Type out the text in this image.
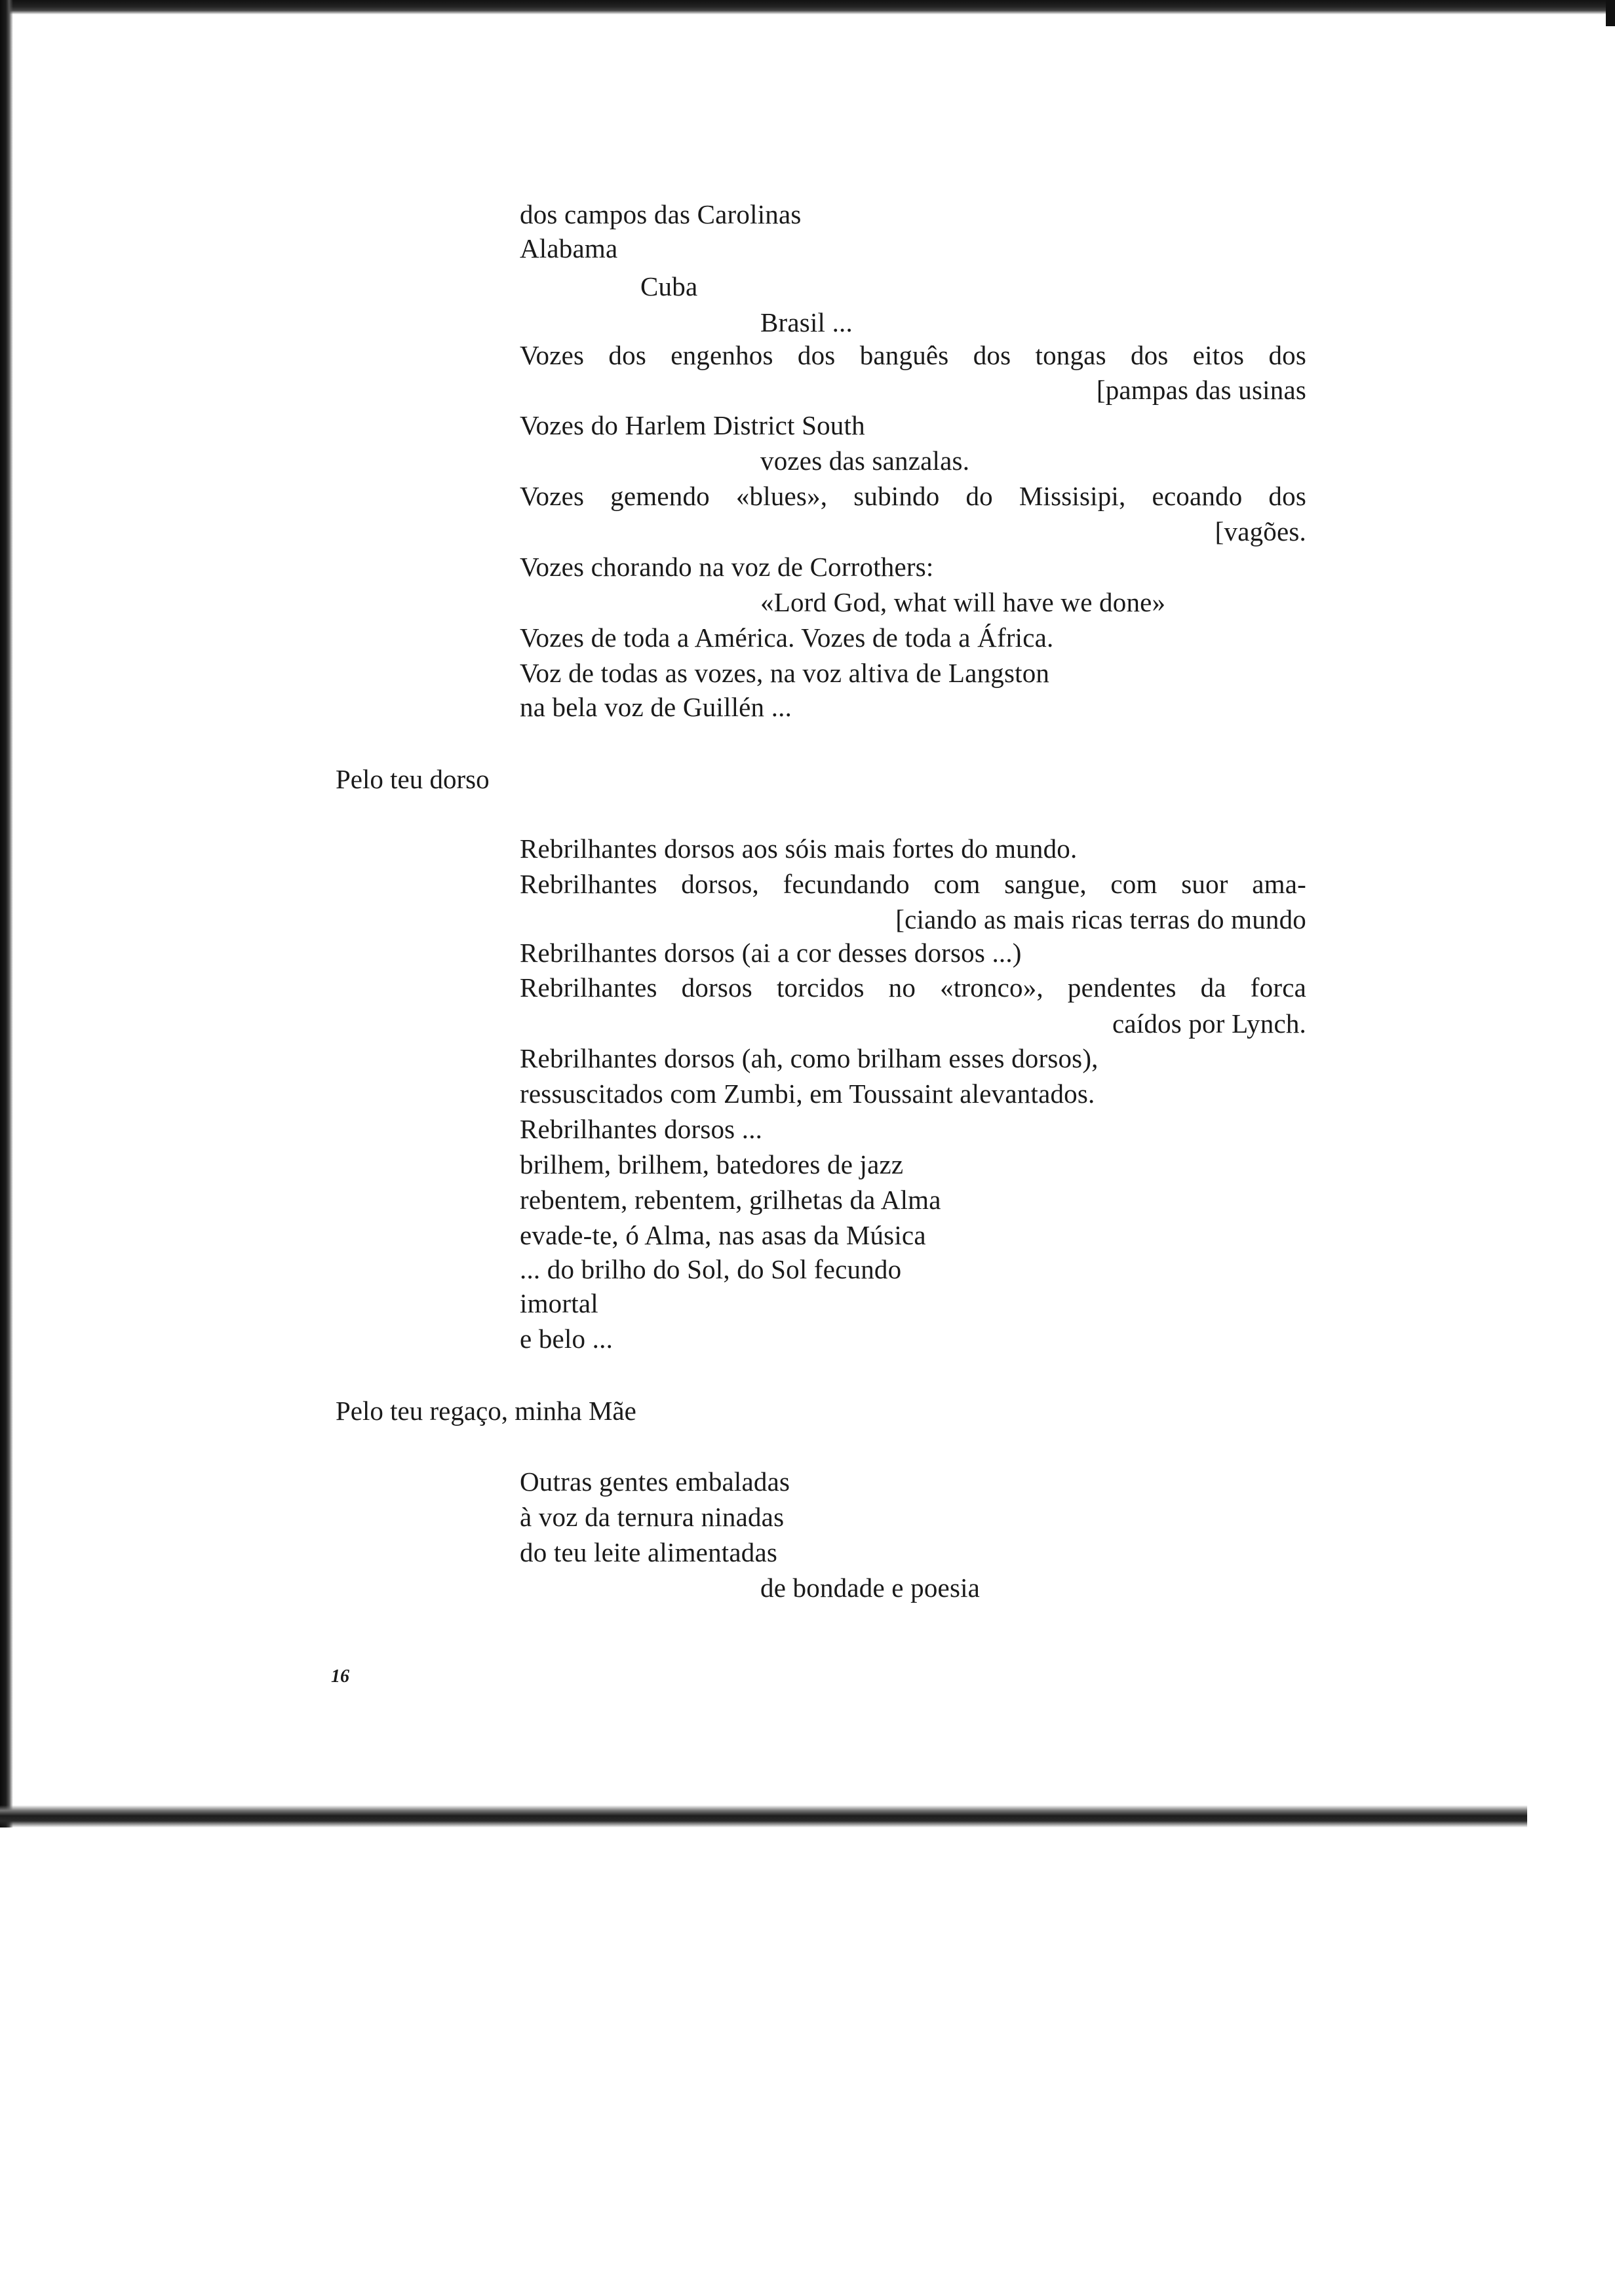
dos campos das Carolinas
Alabama
Cuba
Brasil ...
Vozes dos engenhos dos banguês dos tongas dos eitos dos
[pampas das usinas
Vozes do Harlem District South
vozes das sanzalas.
Vozes gemendo «blues», subindo do Missisipi, ecoando dos
[vagões.
Vozes chorando na voz de Corrothers:
«Lord God, what will have we done»
Vozes de toda a América. Vozes de toda a África.
Voz de todas as vozes, na voz altiva de Langston
na bela voz de Guillén ...
Pelo teu dorso
Rebrilhantes dorsos aos sóis mais fortes do mundo.
Rebrilhantes dorsos, fecundando com sangue, com suor ama-
[ciando as mais ricas terras do mundo
Rebrilhantes dorsos (ai a cor desses dorsos ...)
Rebrilhantes dorsos torcidos no «tronco», pendentes da forca
caídos por Lynch.
Rebrilhantes dorsos (ah, como brilham esses dorsos),
ressuscitados com Zumbi, em Toussaint alevantados.
Rebrilhantes dorsos ...
brilhem, brilhem, batedores de jazz
rebentem, rebentem, grilhetas da Alma
evade-te, ó Alma, nas asas da Música
... do brilho do Sol, do Sol fecundo
imortal
e belo ...
Pelo teu regaço, minha Mãe
Outras gentes embaladas
à voz da ternura ninadas
do teu leite alimentadas
de bondade e poesia
16
